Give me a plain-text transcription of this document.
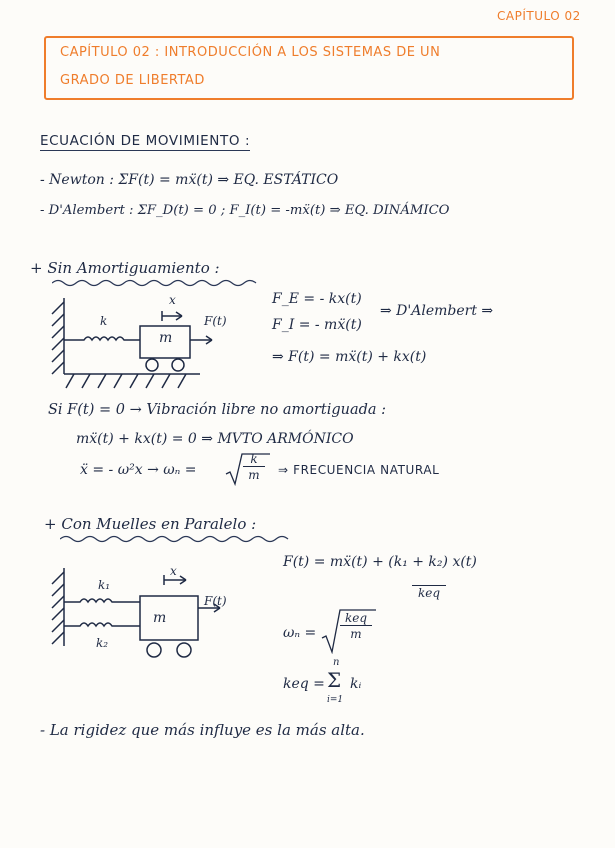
CAPÍTULO 02
CAPÍTULO 02 : INTRODUCCIÓN A LOS SISTEMAS DE UN
GRADO DE LIBERTAD
ECUACIÓN DE MOVIMIENTO :
- Newton : ΣF(t) = mẍ(t) ⇒ EQ. ESTÁTICO
- D'Alembert : ΣF_D(t) = 0 ; F_I(t) = -mẍ(t) ⇒ EQ. DINÁMICO
+ Sin Amortiguamiento :
k
x
m
F(t)
F_E = - kx(t)
F_I = - mẍ(t)
⇒ D'Alembert ⇒
⇒ F(t) = mẍ(t) + kx(t)
Si F(t) = 0 → Vibración libre no amortiguada :
mẍ(t) + kx(t) = 0 ⇒ MVTO ARMÓNICO
ẍ = - ω²x → ωₙ =	$\frac{k}{m}$ ⇒ FRECUENCIA NATURAL
+ Con Muelles en Paralelo :
k₁
k₂
x
m
F(t)
F(t) = mẍ(t) + (k₁ + k₂) x(t)
keq
ωₙ =
keq
m
keq =
n
Σ
i=1
kᵢ
- La rigidez que más influye es la más alta.
